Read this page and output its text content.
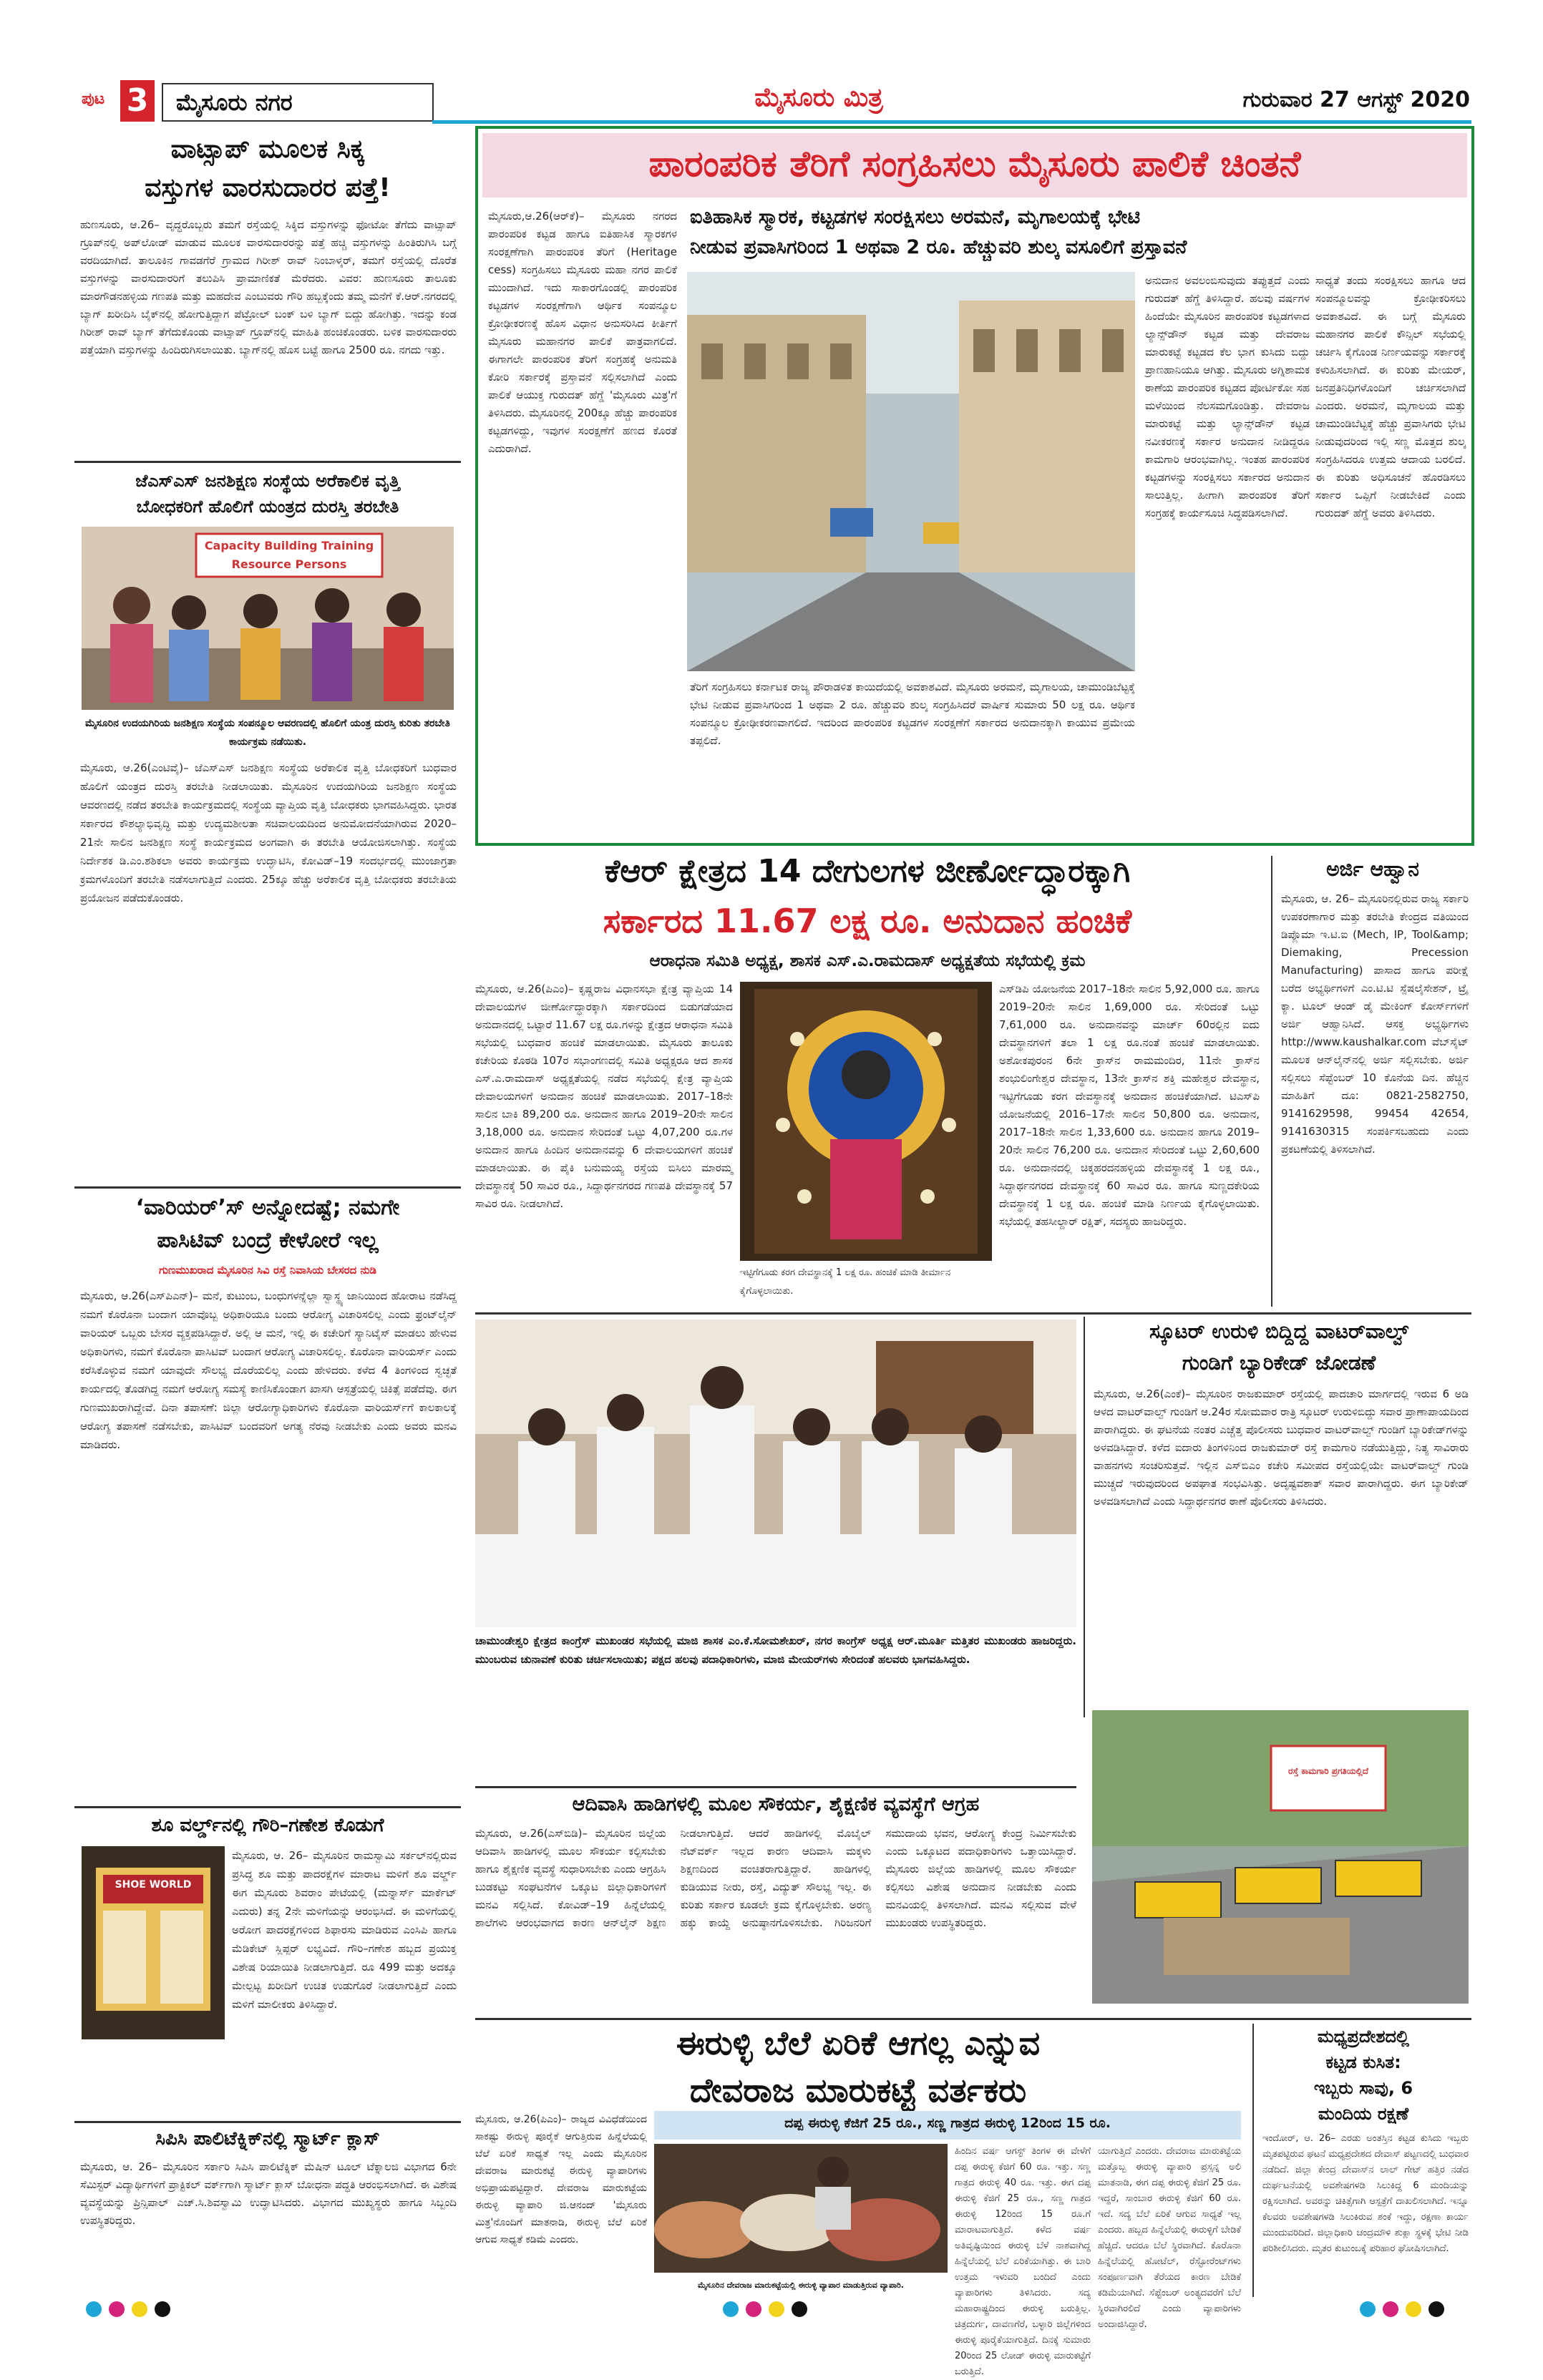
ಪುಟ 3	ಮೈಸೂರು ನಗರ	ಮೈಸೂರು ಮಿತ್ರ	ಗುರುವಾರ 27 ಆಗಸ್ಟ್ 2020
ವಾಟ್ಸಾಪ್ ಮೂಲಕ ಸಿಕ್ಕ
ವಸ್ತುಗಳ ವಾರಸುದಾರರ ಪತ್ತೆ!
ಹುಣಸೂರು, ಆ.26– ವೃದ್ಧರೊಬ್ಬರು ತಮಗೆ ರಸ್ತೆಯಲ್ಲಿ ಸಿಕ್ಕಿದ ವಸ್ತುಗಳನ್ನು ಫೋಟೋ ತೆಗೆದು ವಾಟ್ಸಾಪ್ ಗ್ರೂಪ್‌ನಲ್ಲಿ ಅಪ್‌ಲೋಡ್ ಮಾಡುವ ಮೂಲಕ ವಾರಸುದಾರರನ್ನು ಪತ್ತೆ ಹಚ್ಚಿ ವಸ್ತುಗಳನ್ನು ಹಿಂತಿರುಗಿಸಿ ಬಗ್ಗೆ ವರದಿಯಾಗಿದೆ. ತಾಲೂಕಿನ ಗಾವಡಗೆರೆ ಗ್ರಾಮದ ಗಿರೀಶ್ ರಾವ್ ನಿಂಬಾಳ್ಕರ್, ತಮಗೆ ರಸ್ತೆಯಲ್ಲಿ ದೊರೆತ ವಸ್ತುಗಳನ್ನು ವಾರಸುದಾರರಿಗೆ ತಲುಪಿಸಿ ಪ್ರಾಮಾಣಿಕತೆ ಮೆರೆದರು. ವಿವರ: ಹುಣಸೂರು ತಾಲೂಕು ಮಾರಗೌಡನಹಳ್ಳಿಯ ಗಣಪತಿ ಮತ್ತು ಮಹದೇವ ಎಂಬುವರು ಗೌರಿ ಹಬ್ಬಕ್ಕೆಂದು ತಮ್ಮ ಮನೆಗೆ ಕೆ.ಆರ್.ನಗರದಲ್ಲಿ ಬ್ಯಾಗ್ ಖರೀದಿಸಿ ಬೈಕ್‌ನಲ್ಲಿ ಹೋಗುತ್ತಿದ್ದಾಗ ಪೆಟ್ರೋಲ್ ಬಂಕ್ ಬಳಿ ಬ್ಯಾಗ್ ಬಿದ್ದು ಹೋಗಿತ್ತು. ಇದನ್ನು ಕಂಡ ಗಿರೀಶ್ ರಾವ್ ಬ್ಯಾಗ್ ತೆಗೆದುಕೊಂಡು ವಾಟ್ಸಾಪ್ ಗ್ರೂಪ್‌ನಲ್ಲಿ ಮಾಹಿತಿ ಹಂಚಿಕೊಂಡರು. ಬಳಿಕ ವಾರಸುದಾರರು ಪತ್ತೆಯಾಗಿ ವಸ್ತುಗಳನ್ನು ಹಿಂದಿರುಗಿಸಲಾಯಿತು. ಬ್ಯಾಗ್‌ನಲ್ಲಿ ಹೊಸ ಬಟ್ಟೆ ಹಾಗೂ 2500 ರೂ. ನಗದು ಇತ್ತು.
ಜೆಎಸ್ಎಸ್ ಜನಶಿಕ್ಷಣ ಸಂಸ್ಥೆಯ ಅರೆಕಾಲಿಕ ವೃತ್ತಿ
ಬೋಧಕರಿಗೆ ಹೊಲಿಗೆ ಯಂತ್ರದ ದುರಸ್ತಿ ತರಬೇತಿ
Capacity Building Training Resource Persons
ಮೈಸೂರಿನ ಉದಯಗಿರಿಯ ಜನಶಿಕ್ಷಣ ಸಂಸ್ಥೆಯ ಸಂಪನ್ಮೂಲ ಆವರಣದಲ್ಲಿ ಹೊಲಿಗೆ ಯಂತ್ರ ದುರಸ್ತಿ ಕುರಿತು ತರಬೇತಿ ಕಾರ್ಯಕ್ರಮ ನಡೆಯಿತು.
ಮೈಸೂರು, ಆ.26(ಎಂಟಿವೈ)– ಜೆಎಸ್ಎಸ್ ಜನಶಿಕ್ಷಣ ಸಂಸ್ಥೆಯ ಅರೆಕಾಲಿಕ ವೃತ್ತಿ ಬೋಧಕರಿಗೆ ಬುಧವಾರ ಹೊಲಿಗೆ ಯಂತ್ರದ ದುರಸ್ತಿ ತರಬೇತಿ ನೀಡಲಾಯಿತು. ಮೈಸೂರಿನ ಉದಯಗಿರಿಯ ಜನಶಿಕ್ಷಣ ಸಂಸ್ಥೆಯ ಆವರಣದಲ್ಲಿ ನಡೆದ ತರಬೇತಿ ಕಾರ್ಯಕ್ರಮದಲ್ಲಿ ಸಂಸ್ಥೆಯ ವ್ಯಾಪ್ತಿಯ ವೃತ್ತಿ ಬೋಧಕರು ಭಾಗವಹಿಸಿದ್ದರು. ಭಾರತ ಸರ್ಕಾರದ ಕೌಶಲ್ಯಾಭಿವೃದ್ಧಿ ಮತ್ತು ಉದ್ಯಮಶೀಲತಾ ಸಚಿವಾಲಯದಿಂದ ಅನುಮೋದನೆಯಾಗಿರುವ 2020–21ನೇ ಸಾಲಿನ ಜನಶಿಕ್ಷಣ ಸಂಸ್ಥೆ ಕಾರ್ಯಕ್ರಮದ ಅಂಗವಾಗಿ ಈ ತರಬೇತಿ ಆಯೋಜಿಸಲಾಗಿತ್ತು. ಸಂಸ್ಥೆಯ ನಿರ್ದೇಶಕ ಡಿ.ಎಂ.ಶಶಿಕಲಾ ಅವರು ಕಾರ್ಯಕ್ರಮ ಉದ್ಘಾಟಿಸಿ, ಕೋವಿಡ್–19 ಸಂದರ್ಭದಲ್ಲಿ ಮುಂಜಾಗ್ರತಾ ಕ್ರಮಗಳೊಂದಿಗೆ ತರಬೇತಿ ನಡೆಸಲಾಗುತ್ತಿದೆ ಎಂದರು. 25ಕ್ಕೂ ಹೆಚ್ಚು ಅರೆಕಾಲಿಕ ವೃತ್ತಿ ಬೋಧಕರು ತರಬೇತಿಯ ಪ್ರಯೋಜನ ಪಡೆದುಕೊಂಡರು.
‘ವಾರಿಯರ್’ಸ್ ಅನ್ನೋದಷ್ಟೆ; ನಮಗೇ
ಪಾಸಿಟಿವ್ ಬಂದ್ರೆ ಕೇಳೋರೆ ಇಲ್ಲ
ಗುಣಮುಖರಾದ ಮೈಸೂರಿನ ಸಿವಿ ರಸ್ತೆ ನಿವಾಸಿಯ ಬೇಸರದ ನುಡಿ
ಮೈಸೂರು, ಆ.26(ಎಸ್‌ಪಿಎನ್)– ಮನೆ, ಕುಟುಂಬ, ಬಂಧುಗಳನ್ನೆಲ್ಲಾ ಸ್ವಾಸ್ಥ್ಯ ಜಾನಿಯಿಂದ ಹೋರಾಟ ನಡೆಸಿದ್ದ ನಮಗೆ ಕೊರೊನಾ ಬಂದಾಗ ಯಾವೊಬ್ಬ ಅಧಿಕಾರಿಯೂ ಬಂದು ಆರೋಗ್ಯ ವಿಚಾರಿಸಲಿಲ್ಲ ಎಂದು ಫ್ರಂಟ್‌ಲೈನ್ ವಾರಿಯರ್ ಒಬ್ಬರು ಬೇಸರ ವ್ಯಕ್ತಪಡಿಸಿದ್ದಾರೆ. ಅಲ್ಲಿ ಆ ಮನೆ, ಇಲ್ಲಿ ಈ ಕಚೇರಿಗೆ ಸ್ಯಾನಿಟೈಸ್ ಮಾಡಲು ಹೇಳುವ ಅಧಿಕಾರಿಗಳು, ನಮಗೆ ಕೊರೊನಾ ಪಾಸಿಟಿವ್ ಬಂದಾಗ ಆರೋಗ್ಯ ವಿಚಾರಿಸಲಿಲ್ಲ. ಕೊರೊನಾ ವಾರಿಯರ್ಸ್ ಎಂದು ಕರೆಸಿಕೊಳ್ಳುವ ನಮಗೆ ಯಾವುದೇ ಸೌಲಭ್ಯ ದೊರೆಯಲಿಲ್ಲ ಎಂದು ಹೇಳಿದರು. ಕಳೆದ 4 ತಿಂಗಳಿಂದ ಸ್ವಚ್ಛತೆ ಕಾರ್ಯದಲ್ಲಿ ತೊಡಗಿದ್ದ ನಮಗೆ ಆರೋಗ್ಯ ಸಮಸ್ಯೆ ಕಾಣಿಸಿಕೊಂಡಾಗ ಖಾಸಗಿ ಆಸ್ಪತ್ರೆಯಲ್ಲಿ ಚಿಕಿತ್ಸೆ ಪಡೆದೆವು. ಈಗ ಗುಣಮುಖರಾಗಿದ್ದೇವೆ. ದಿನಾ ತಪಾಸಣೆ: ಜಿಲ್ಲಾ ಆರೋಗ್ಯಾಧಿಕಾರಿಗಳು ಕೊರೊನಾ ವಾರಿಯರ್ಸ್‌ಗೆ ಕಾಲಕಾಲಕ್ಕೆ ಆರೋಗ್ಯ ತಪಾಸಣೆ ನಡೆಸಬೇಕು, ಪಾಸಿಟಿವ್ ಬಂದವರಿಗೆ ಅಗತ್ಯ ನೆರವು ನೀಡಬೇಕು ಎಂದು ಅವರು ಮನವಿ ಮಾಡಿದರು.
ಶೂ ವರ್ಲ್ಡ್‌ನಲ್ಲಿ ಗೌರಿ–ಗಣೇಶ ಕೊಡುಗೆ
SHOE WORLD
ಮೈಸೂರು, ಆ. 26– ಮೈಸೂರಿನ ರಾಮಸ್ವಾಮಿ ಸರ್ಕಲ್‌ನಲ್ಲಿರುವ ಪ್ರಸಿದ್ಧ ಶೂ ಮತ್ತು ಪಾದರಕ್ಷೆಗಳ ಮಾರಾಟ ಮಳಿಗೆ ಶೂ ವರ್ಲ್ಡ್ ಈಗ ಮೈಸೂರು ಶಿವರಾಂ ಪೇಟೆಯಲ್ಲಿ (ಮನ್ನಾರ್ಸ್ ಮಾರ್ಕೆಟ್ ಎದುರು) ತನ್ನ 2ನೇ ಮಳಿಗೆಯನ್ನು ಆರಂಭಿಸಿದೆ. ಈ ಮಳಿಗೆಯಲ್ಲಿ ಅರೋಗ ಪಾದರಕ್ಷೆಗಳಿಂದ ಶಿಫಾರಸು ಮಾಡಿರುವ ಎಂಸಿಪಿ ಹಾಗೂ ಮೆಡಿಕೇಟ್ ಸ್ಲಿಪ್ಪರ್ ಲಭ್ಯವಿದೆ. ಗೌರಿ–ಗಣೇಶ ಹಬ್ಬದ ಪ್ರಯುಕ್ತ ವಿಶೇಷ ರಿಯಾಯಿತಿ ನೀಡಲಾಗುತ್ತಿದೆ. ರೂ 499 ಮತ್ತು ಅದಕ್ಕೂ ಮೇಲ್ಪಟ್ಟ ಖರೀದಿಗೆ ಉಚಿತ ಉಡುಗೊರೆ ನೀಡಲಾಗುತ್ತಿದೆ ಎಂದು ಮಳಿಗೆ ಮಾಲೀಕರು ತಿಳಿಸಿದ್ದಾರೆ.
ಸಿಪಿಸಿ ಪಾಲಿಟೆಕ್ನಿಕ್‌ನಲ್ಲಿ ಸ್ಮಾರ್ಟ್ ಕ್ಲಾಸ್
ಮೈಸೂರು, ಆ. 26– ಮೈಸೂರಿನ ಸರ್ಕಾರಿ ಸಿಪಿಸಿ ಪಾಲಿಟೆಕ್ನಿಕ್ ಮೆಷಿನ್ ಟೂಲ್ ಟೆಕ್ನಾಲಜಿ ವಿಭಾಗದ 6ನೇ ಸೆಮಿಸ್ಟರ್ ವಿದ್ಯಾರ್ಥಿಗಳಿಗೆ ಪ್ರಾಕ್ಟಿಕಲ್ ವರ್ಕ್‌ಗಾಗಿ ಸ್ಮಾರ್ಟ್ ಕ್ಲಾಸ್ ಬೋಧನಾ ಪದ್ಧತಿ ಆರಂಭಿಸಲಾಗಿದೆ. ಈ ವಿಶೇಷ ವ್ಯವಸ್ಥೆಯನ್ನು ಪ್ರಿನ್ಸಿಪಾಲ್ ಎಚ್.ಸಿ.ಶಿವಸ್ವಾಮಿ ಉದ್ಘಾಟಿಸಿದರು. ವಿಭಾಗದ ಮುಖ್ಯಸ್ಥರು ಹಾಗೂ ಸಿಬ್ಬಂದಿ ಉಪಸ್ಥಿತರಿದ್ದರು.
ಪಾರಂಪರಿಕ ತೆರಿಗೆ ಸಂಗ್ರಹಿಸಲು ಮೈಸೂರು ಪಾಲಿಕೆ ಚಿಂತನೆ
ಮೈಸೂರು,ಆ.26(ಆರ್‌ಕೆ)– ಮೈಸೂರು ನಗರದ ಪಾರಂಪರಿಕ ಕಟ್ಟಡ ಹಾಗೂ ಐತಿಹಾಸಿಕ ಸ್ಮಾರಕಗಳ ಸಂರಕ್ಷಣೆಗಾಗಿ ಪಾರಂಪರಿಕ ತೆರಿಗೆ (Heritage cess) ಸಂಗ್ರಹಿಸಲು ಮೈಸೂರು ಮಹಾ ನಗರ ಪಾಲಿಕೆ ಮುಂದಾಗಿದೆ. ಇದು ಸಾಕಾರಗೊಂಡಲ್ಲಿ ಪಾರಂಪರಿಕ ಕಟ್ಟಡಗಳ ಸಂರಕ್ಷಣೆಗಾಗಿ ಆರ್ಥಿಕ ಸಂಪನ್ಮೂಲ ಕ್ರೋಢೀಕರಣಕ್ಕೆ ಹೊಸ ವಿಧಾನ ಅನುಸರಿಸಿದ ಕೀರ್ತಿಗೆ ಮೈಸೂರು ಮಹಾನಗರ ಪಾಲಿಕೆ ಪಾತ್ರವಾಗಲಿದೆ. ಈಗಾಗಲೇ ಪಾರಂಪರಿಕ ತೆರಿಗೆ ಸಂಗ್ರಹಕ್ಕೆ ಅನುಮತಿ ಕೋರಿ ಸರ್ಕಾರಕ್ಕೆ ಪ್ರಸ್ತಾವನೆ ಸಲ್ಲಿಸಲಾಗಿದೆ ಎಂದು ಪಾಲಿಕೆ ಆಯುಕ್ತ ಗುರುದತ್ ಹೆಗ್ಡೆ 'ಮೈಸೂರು ಮಿತ್ರ'ಗೆ ತಿಳಿಸಿದರು. ಮೈಸೂರಿನಲ್ಲಿ 200ಕ್ಕೂ ಹೆಚ್ಚು ಪಾರಂಪರಿಕ ಕಟ್ಟಡಗಳಿದ್ದು, ಇವುಗಳ ಸಂರಕ್ಷಣೆಗೆ ಹಣದ ಕೊರತೆ ಎದುರಾಗಿದೆ.
ಐತಿಹಾಸಿಕ ಸ್ಮಾರಕ, ಕಟ್ಟಡಗಳ ಸಂರಕ್ಷಿಸಲು ಅರಮನೆ, ಮೃಗಾಲಯಕ್ಕೆ ಭೇಟಿ
ನೀಡುವ ಪ್ರವಾಸಿಗರಿಂದ 1 ಅಥವಾ 2 ರೂ. ಹೆಚ್ಚುವರಿ ಶುಲ್ಕ ವಸೂಲಿಗೆ ಪ್ರಸ್ತಾವನೆ
ಅನುದಾನ ಅವಲಂಬಿಸುವುದು ತಪ್ಪುತ್ತದೆ ಎಂದು ಗುರುದತ್ ಹೆಗ್ಡೆ ತಿಳಿಸಿದ್ದಾರೆ. ಹಲವು ವರ್ಷಗಳ ಹಿಂದೆಯೇ ಮೈಸೂರಿನ ಪಾರಂಪರಿಕ ಕಟ್ಟಡಗಳಾದ ಲ್ಯಾನ್ಸ್‌ಡೌನ್ ಕಟ್ಟಡ ಮತ್ತು ದೇವರಾಜ ಮಾರುಕಟ್ಟೆ ಕಟ್ಟಡದ ಕೆಲ ಭಾಗ ಕುಸಿದು ಬಿದ್ದು ಪ್ರಾಣಹಾನಿಯೂ ಆಗಿತ್ತು. ಮೈಸೂರು ಅಗ್ನಿಶಾಮಕ ಠಾಣೆಯ ಪಾರಂಪರಿಕ ಕಟ್ಟಡದ ಪೋರ್ಟಿಕೋ ಸಹ ಮಳೆಯಿಂದ ನೆಲಸಮಗೊಂಡಿತ್ತು. ದೇವರಾಜ ಮಾರುಕಟ್ಟೆ ಮತ್ತು ಲ್ಯಾನ್ಸ್‌ಡೌನ್ ಕಟ್ಟಡ ನವೀಕರಣಕ್ಕೆ ಸರ್ಕಾರ ಅನುದಾನ ನೀಡಿದ್ದರೂ ಕಾಮಗಾರಿ ಆರಂಭವಾಗಿಲ್ಲ. ಇಂತಹ ಪಾರಂಪರಿಕ ಕಟ್ಟಡಗಳನ್ನು ಸಂರಕ್ಷಿಸಲು ಸರ್ಕಾರದ ಅನುದಾನ ಸಾಲುತ್ತಿಲ್ಲ. ಹೀಗಾಗಿ ಪಾರಂಪರಿಕ ತೆರಿಗೆ ಸಂಗ್ರಹಕ್ಕೆ ಕಾರ್ಯಸೂಚಿ ಸಿದ್ಧಪಡಿಸಲಾಗಿದೆ.
ಸಾಧ್ಯತೆ ತಂದು ಸಂರಕ್ಷಿಸಲು ಹಾಗೂ ಆದ ಸಂಪನ್ಮೂಲವನ್ನು ಕ್ರೋಢೀಕರಿಸಲು ಅವಕಾಶವಿದೆ. ಈ ಬಗ್ಗೆ ಮೈಸೂರು ಮಹಾನಗರ ಪಾಲಿಕೆ ಕೌನ್ಸಿಲ್ ಸಭೆಯಲ್ಲಿ ಚರ್ಚಿಸಿ ಕೈಗೊಂಡ ನಿರ್ಣಯವನ್ನು ಸರ್ಕಾರಕ್ಕೆ ಕಳುಹಿಸಲಾಗಿದೆ. ಈ ಕುರಿತು ಮೇಯರ್, ಜನಪ್ರತಿನಿಧಿಗಳೊಂದಿಗೆ ಚರ್ಚಿಸಲಾಗಿದೆ ಎಂದರು. ಅರಮನೆ, ಮೃಗಾಲಯ ಮತ್ತು ಚಾಮುಂಡಿಬೆಟ್ಟಕ್ಕೆ ಹೆಚ್ಚು ಪ್ರವಾಸಿಗರು ಭೇಟಿ ನೀಡುವುದರಿಂದ ಇಲ್ಲಿ ಸಣ್ಣ ಮೊತ್ತದ ಶುಲ್ಕ ಸಂಗ್ರಹಿಸಿದರೂ ಉತ್ತಮ ಆದಾಯ ಬರಲಿದೆ. ಈ ಕುರಿತು ಅಧಿಸೂಚನೆ ಹೊರಡಿಸಲು ಸರ್ಕಾರ ಒಪ್ಪಿಗೆ ನೀಡಬೇಕಿದೆ ಎಂದು ಗುರುದತ್ ಹೆಗ್ಡೆ ಅವರು ತಿಳಿಸಿದರು.
ತೆರಿಗೆ ಸಂಗ್ರಹಿಸಲು ಕರ್ನಾಟಕ ರಾಜ್ಯ ಪೌರಾಡಳಿತ ಕಾಯಿದೆಯಲ್ಲಿ ಅವಕಾಶವಿದೆ. ಮೈಸೂರು ಅರಮನೆ, ಮೃಗಾಲಯ, ಚಾಮುಂಡಿಬೆಟ್ಟಕ್ಕೆ ಭೇಟಿ ನೀಡುವ ಪ್ರವಾಸಿಗರಿಂದ 1 ಅಥವಾ 2 ರೂ. ಹೆಚ್ಚುವರಿ ಶುಲ್ಕ ಸಂಗ್ರಹಿಸಿದರೆ ವಾರ್ಷಿಕ ಸುಮಾರು 50 ಲಕ್ಷ ರೂ. ಆರ್ಥಿಕ ಸಂಪನ್ಮೂಲ ಕ್ರೋಢೀಕರಣವಾಗಲಿದೆ. ಇದರಿಂದ ಪಾರಂಪರಿಕ ಕಟ್ಟಡಗಳ ಸಂರಕ್ಷಣೆಗೆ ಸರ್ಕಾರದ ಅನುದಾನಕ್ಕಾಗಿ ಕಾಯುವ ಪ್ರಮೇಯ ತಪ್ಪಲಿದೆ.
ಕೆಆರ್ ಕ್ಷೇತ್ರದ 14 ದೇಗುಲಗಳ ಜೀರ್ಣೋದ್ಧಾರಕ್ಕಾಗಿ
ಸರ್ಕಾರದ 11.67 ಲಕ್ಷ ರೂ. ಅನುದಾನ ಹಂಚಿಕೆ
ಆರಾಧನಾ ಸಮಿತಿ ಅಧ್ಯಕ್ಷ, ಶಾಸಕ ಎಸ್.ಎ.ರಾಮದಾಸ್ ಅಧ್ಯಕ್ಷತೆಯ ಸಭೆಯಲ್ಲಿ ಕ್ರಮ
ಮೈಸೂರು, ಆ.26(ಪಿಎಂ)– ಕೃಷ್ಣರಾಜ ವಿಧಾನಸಭಾ ಕ್ಷೇತ್ರ ವ್ಯಾಪ್ತಿಯ 14 ದೇವಾಲಯಗಳ ಜೀರ್ಣೋದ್ಧಾರಕ್ಕಾಗಿ ಸರ್ಕಾರದಿಂದ ಬಿಡುಗಡೆಯಾದ ಅನುದಾನದಲ್ಲಿ ಒಟ್ಟಾರೆ 11.67 ಲಕ್ಷ ರೂ.ಗಳನ್ನು ಕ್ಷೇತ್ರದ ಆರಾಧನಾ ಸಮಿತಿ ಸಭೆಯಲ್ಲಿ ಬುಧವಾರ ಹಂಚಿಕೆ ಮಾಡಲಾಯಿತು. ಮೈಸೂರು ತಾಲೂಕು ಕಚೇರಿಯ ಕೊಠಡಿ 107ರ ಸಭಾಂಗಣದಲ್ಲಿ ಸಮಿತಿ ಅಧ್ಯಕ್ಷರೂ ಆದ ಶಾಸಕ ಎಸ್.ಎ.ರಾಮದಾಸ್ ಅಧ್ಯಕ್ಷತೆಯಲ್ಲಿ ನಡೆದ ಸಭೆಯಲ್ಲಿ ಕ್ಷೇತ್ರ ವ್ಯಾಪ್ತಿಯ ದೇವಾಲಯಗಳಿಗೆ ಅನುದಾನ ಹಂಚಿಕೆ ಮಾಡಲಾಯಿತು. 2017–18ನೇ ಸಾಲಿನ ಬಾಕಿ 89,200 ರೂ. ಅನುದಾನ ಹಾಗೂ 2019–20ನೇ ಸಾಲಿನ 3,18,000 ರೂ. ಅನುದಾನ ಸೇರಿದಂತೆ ಒಟ್ಟು 4,07,200 ರೂ.ಗಳ ಅನುದಾನ ಹಾಗೂ ಹಿಂದಿನ ಅನುದಾನವನ್ನು 6 ದೇವಾಲಯಗಳಿಗೆ ಹಂಚಿಕೆ ಮಾಡಲಾಯಿತು. ಈ ಪೈಕಿ ಬನುಮಯ್ಯ ರಸ್ತೆಯ ಬಿಸಿಲು ಮಾರಮ್ಮ ದೇವಸ್ಥಾನಕ್ಕೆ 50 ಸಾವಿರ ರೂ., ಸಿದ್ದಾರ್ಥನಗರದ ಗಣಪತಿ ದೇವಸ್ಥಾನಕ್ಕೆ 57 ಸಾವಿರ ರೂ. ನೀಡಲಾಗಿದೆ.
ಇಟ್ಟಿಗೆಗೂಡು ಕರಗ ದೇವಸ್ಥಾನಕ್ಕೆ 1 ಲಕ್ಷ ರೂ. ಹಂಚಿಕೆ ಮಾಡಿ ತೀರ್ಮಾನ ಕೈಗೊಳ್ಳಲಾಯಿತು.
ಎಸ್‌ಡಿಪಿ ಯೋಜನೆಯ 2017–18ನೇ ಸಾಲಿನ 5,92,000 ರೂ. ಹಾಗೂ 2019–20ನೇ ಸಾಲಿನ 1,69,000 ರೂ. ಸೇರಿದಂತೆ ಒಟ್ಟು 7,61,000 ರೂ. ಅನುದಾನವನ್ನು ಮಾರ್ಚ್ 60ರಲ್ಲಿನ ಐದು ದೇವಸ್ಥಾನಗಳಿಗೆ ತಲಾ 1 ಲಕ್ಷ ರೂ.ನಂತೆ ಹಂಚಿಕೆ ಮಾಡಲಾಯಿತು. ಅಶೋಕಪುರಂನ 6ನೇ ಕ್ರಾಸ್‌ನ ರಾಮಮಂದಿರ, 11ನೇ ಕ್ರಾಸ್‌ನ ಶಂಭುಲಿಂಗೇಶ್ವರ ದೇವಸ್ಥಾನ, 13ನೇ ಕ್ರಾಸ್‌ನ ಶಕ್ತಿ ಮಹೇಶ್ವರ ದೇವಸ್ಥಾನ, ಇಟ್ಟಿಗೆಗೂಡು ಕರಗ ದೇವಸ್ಥಾನಕ್ಕೆ ಅನುದಾನ ಹಂಚಿಕೆಯಾಗಿದೆ. ಟಿಎಸ್‌ಪಿ ಯೋಜನೆಯಲ್ಲಿ 2016–17ನೇ ಸಾಲಿನ 50,800 ರೂ. ಅನುದಾನ, 2017–18ನೇ ಸಾಲಿನ 1,33,600 ರೂ. ಅನುದಾನ ಹಾಗೂ 2019–20ನೇ ಸಾಲಿನ 76,200 ರೂ. ಅನುದಾನ ಸೇರಿದಂತೆ ಒಟ್ಟು 2,60,600 ರೂ. ಅನುದಾನದಲ್ಲಿ ಚಿಕ್ಕಹರದನಹಳ್ಳಿಯ ದೇವಸ್ಥಾನಕ್ಕೆ 1 ಲಕ್ಷ ರೂ., ಸಿದ್ದಾರ್ಥನಗರದ ದೇವಸ್ಥಾನಕ್ಕೆ 60 ಸಾವಿರ ರೂ. ಹಾಗೂ ಸುಣ್ಣದಕೇರಿಯ ದೇವಸ್ಥಾನಕ್ಕೆ 1 ಲಕ್ಷ ರೂ. ಹಂಚಿಕೆ ಮಾಡಿ ನಿರ್ಣಯ ಕೈಗೊಳ್ಳಲಾಯಿತು. ಸಭೆಯಲ್ಲಿ ತಹಸೀಲ್ದಾರ್ ರಕ್ಷಿತ್, ಸದಸ್ಯರು ಹಾಜರಿದ್ದರು.
ಅರ್ಜಿ ಆಹ್ವಾನ
ಮೈಸೂರು, ಆ. 26– ಮೈಸೂರಿನಲ್ಲಿರುವ ರಾಜ್ಯ ಸರ್ಕಾರಿ ಉಪಕರಣಾಗಾರ ಮತ್ತು ತರಬೇತಿ ಕೇಂದ್ರದ ವತಿಯಿಂದ ಡಿಪ್ಲೊಮಾ ಇ.ಟಿ.ಐ (Mech, IP, Tool&amp; Diemaking, Precession Manufacturing) ಪಾಸಾದ ಹಾಗೂ ಪರೀಕ್ಷೆ ಬರೆದ ಅಭ್ಯರ್ಥಿಗಳಿಗೆ ಎಂ.ಟಿ.ಟಿ ಸ್ಪೆಷಲೈಸೇಶನ್, ಟ್ರೈ ಕ್ಯಾ. ಟೂಲ್ ಆಂಡ್ ಡೈ ಮೇಕಿಂಗ್ ಕೋರ್ಸ್‌ಗಳಿಗೆ ಅರ್ಜಿ ಆಹ್ವಾನಿಸಿದೆ. ಆಸಕ್ತ ಅಭ್ಯರ್ಥಿಗಳು http://www.kaushalkar.com ವೆಬ್‌ಸೈಟ್ ಮೂಲಕ ಆನ್‌ಲೈನ್‌ನಲ್ಲಿ ಅರ್ಜಿ ಸಲ್ಲಿಸಬೇಕು. ಅರ್ಜಿ ಸಲ್ಲಿಸಲು ಸೆಪ್ಟೆಂಬರ್ 10 ಕೊನೆಯ ದಿನ. ಹೆಚ್ಚಿನ ಮಾಹಿತಿಗೆ ದೂ: 0821-2582750, 9141629598, 99454 42654, 9141630315 ಸಂಪರ್ಕಿಸಬಹುದು ಎಂದು ಪ್ರಕಟಣೆಯಲ್ಲಿ ತಿಳಿಸಲಾಗಿದೆ.
ಚಾಮುಂಡೇಶ್ವರಿ ಕ್ಷೇತ್ರದ ಕಾಂಗ್ರೆಸ್ ಮುಖಂಡರ ಸಭೆಯಲ್ಲಿ ಮಾಜಿ ಶಾಸಕ ಎಂ.ಕೆ.ಸೋಮಶೇಖರ್, ನಗರ ಕಾಂಗ್ರೆಸ್ ಅಧ್ಯಕ್ಷ ಆರ್.ಮೂರ್ತಿ ಮತ್ತಿತರ ಮುಖಂಡರು ಹಾಜರಿದ್ದರು. ಮುಂಬರುವ ಚುನಾವಣೆ ಕುರಿತು ಚರ್ಚಿಸಲಾಯಿತು; ಪಕ್ಷದ ಹಲವು ಪದಾಧಿಕಾರಿಗಳು, ಮಾಜಿ ಮೇಯರ್‌ಗಳು ಸೇರಿದಂತೆ ಹಲವರು ಭಾಗವಹಿಸಿದ್ದರು.
ಸ್ಕೂಟರ್ ಉರುಳಿ ಬಿದ್ದಿದ್ದ ವಾಟರ್‌ವಾಲ್ವ್
ಗುಂಡಿಗೆ ಬ್ಯಾರಿಕೇಡ್ ಜೋಡಣೆ
ಮೈಸೂರು, ಆ.26(ಎಂಕೆ)– ಮೈಸೂರಿನ ರಾಜಕುಮಾರ್ ರಸ್ತೆಯಲ್ಲಿ ಪಾದಚಾರಿ ಮಾರ್ಗದಲ್ಲಿ ಇರುವ 6 ಅಡಿ ಆಳದ ವಾಟರ್‌ವಾಲ್ವ್ ಗುಂಡಿಗೆ ಆ.24ರ ಸೋಮವಾರ ರಾತ್ರಿ ಸ್ಕೂಟರ್ ಉರುಳಿಬಿದ್ದು ಸವಾರ ಪ್ರಾಣಾಪಾಯದಿಂದ ಪಾರಾಗಿದ್ದರು. ಈ ಘಟನೆಯ ನಂತರ ಎಚ್ಚೆತ್ತ ಪೊಲೀಸರು ಬುಧವಾರ ವಾಟರ್‌ವಾಲ್ವ್ ಗುಂಡಿಗೆ ಬ್ಯಾರಿಕೇಡ್‌ಗಳನ್ನು ಅಳವಡಿಸಿದ್ದಾರೆ. ಕಳೆದ ಐದಾರು ತಿಂಗಳಿನಿಂದ ರಾಜಕುಮಾರ್ ರಸ್ತೆ ಕಾಮಗಾರಿ ನಡೆಯುತ್ತಿದ್ದು, ನಿತ್ಯ ಸಾವಿರಾರು ವಾಹನಗಳು ಸಂಚರಿಸುತ್ತವೆ. ಇಲ್ಲಿನ ಎಸ್‌ಬಿಎಂ ಕಚೇರಿ ಸಮೀಪದ ರಸ್ತೆಯಲ್ಲಿಯೇ ವಾಟರ್‌ವಾಲ್ವ್ ಗುಂಡಿ ಮುಚ್ಚದೆ ಇರುವುದರಿಂದ ಅಪಘಾತ ಸಂಭವಿಸಿತ್ತು. ಅದೃಷ್ಟವಶಾತ್ ಸವಾರ ಪಾರಾಗಿದ್ದರು. ಈಗ ಬ್ಯಾರಿಕೇಡ್ ಅಳವಡಿಸಲಾಗಿದೆ ಎಂದು ಸಿದ್ದಾರ್ಥನಗರ ಠಾಣೆ ಪೊಲೀಸರು ತಿಳಿಸಿದರು.
ರಸ್ತೆ ಕಾಮಗಾರಿ ಪ್ರಗತಿಯಲ್ಲಿದೆ
ಆದಿವಾಸಿ ಹಾಡಿಗಳಲ್ಲಿ ಮೂಲ ಸೌಕರ್ಯ, ಶೈಕ್ಷಣಿಕ ವ್ಯವಸ್ಥೆಗೆ ಆಗ್ರಹ
ಮೈಸೂರು, ಆ.26(ಎಸ್‌ಬಿಡಿ)– ಮೈಸೂರಿನ ಜಿಲ್ಲೆಯ ಆದಿವಾಸಿ ಹಾಡಿಗಳಲ್ಲಿ ಮೂಲ ಸೌಕರ್ಯ ಕಲ್ಪಿಸಬೇಕು ಹಾಗೂ ಶೈಕ್ಷಣಿಕ ವ್ಯವಸ್ಥೆ ಸುಧಾರಿಸಬೇಕು ಎಂದು ಆಗ್ರಹಿಸಿ ಬುಡಕಟ್ಟು ಸಂಘಟನೆಗಳ ಒಕ್ಕೂಟ ಜಿಲ್ಲಾಧಿಕಾರಿಗಳಿಗೆ ಮನವಿ ಸಲ್ಲಿಸಿದೆ. ಕೋವಿಡ್–19 ಹಿನ್ನೆಲೆಯಲ್ಲಿ ಶಾಲೆಗಳು ಆರಂಭವಾಗದ ಕಾರಣ ಆನ್‌ಲೈನ್ ಶಿಕ್ಷಣ ನೀಡಲಾಗುತ್ತಿದೆ. ಆದರೆ ಹಾಡಿಗಳಲ್ಲಿ ಮೊಬೈಲ್ ನೆಟ್‌ವರ್ಕ್ ಇಲ್ಲದ ಕಾರಣ ಆದಿವಾಸಿ ಮಕ್ಕಳು ಶಿಕ್ಷಣದಿಂದ ವಂಚಿತರಾಗುತ್ತಿದ್ದಾರೆ. ಹಾಡಿಗಳಲ್ಲಿ ಕುಡಿಯುವ ನೀರು, ರಸ್ತೆ, ವಿದ್ಯುತ್ ಸೌಲಭ್ಯ ಇಲ್ಲ. ಈ ಕುರಿತು ಸರ್ಕಾರ ಕೂಡಲೇ ಕ್ರಮ ಕೈಗೊಳ್ಳಬೇಕು. ಅರಣ್ಯ ಹಕ್ಕು ಕಾಯ್ದೆ ಅನುಷ್ಠಾನಗೊಳಿಸಬೇಕು. ಗಿರಿಜನರಿಗೆ ಸಮುದಾಯ ಭವನ, ಆರೋಗ್ಯ ಕೇಂದ್ರ ನಿರ್ಮಿಸಬೇಕು ಎಂದು ಒಕ್ಕೂಟದ ಪದಾಧಿಕಾರಿಗಳು ಒತ್ತಾಯಿಸಿದ್ದಾರೆ. ಮೈಸೂರು ಜಿಲ್ಲೆಯ ಹಾಡಿಗಳಲ್ಲಿ ಮೂಲ ಸೌಕರ್ಯ ಕಲ್ಪಿಸಲು ವಿಶೇಷ ಅನುದಾನ ನೀಡಬೇಕು ಎಂದು ಮನವಿಯಲ್ಲಿ ತಿಳಿಸಲಾಗಿದೆ. ಮನವಿ ಸಲ್ಲಿಸುವ ವೇಳೆ ಮುಖಂಡರು ಉಪಸ್ಥಿತರಿದ್ದರು.
ಈರುಳ್ಳಿ ಬೆಲೆ ಏರಿಕೆ ಆಗಲ್ಲ ಎನ್ನುವ
ದೇವರಾಜ ಮಾರುಕಟ್ಟೆ ವರ್ತಕರು
ಮೈಸೂರು, ಆ.26(ಪಿಎಂ)– ರಾಜ್ಯದ ವಿವಿಧೆಡೆಯಿಂದ ಸಾಕಷ್ಟು ಈರುಳ್ಳಿ ಪೂರೈಕೆ ಆಗುತ್ತಿರುವ ಹಿನ್ನೆಲೆಯಲ್ಲಿ ಬೆಲೆ ಏರಿಕೆ ಸಾಧ್ಯತೆ ಇಲ್ಲ ಎಂದು ಮೈಸೂರಿನ ದೇವರಾಜ ಮಾರುಕಟ್ಟೆ ಈರುಳ್ಳಿ ವ್ಯಾಪಾರಿಗಳು ಅಭಿಪ್ರಾಯಪಟ್ಟಿದ್ದಾರೆ. ದೇವರಾಜ ಮಾರುಕಟ್ಟೆಯ ಈರುಳ್ಳಿ ವ್ಯಾಪಾರಿ ಜಿ.ಆನಂದ್ 'ಮೈಸೂರು ಮಿತ್ರ'ನೊಂದಿಗೆ ಮಾತನಾಡಿ, ಈರುಳ್ಳಿ ಬೆಲೆ ಏರಿಕೆ ಆಗುವ ಸಾಧ್ಯತೆ ಕಡಿಮೆ ಎಂದರು.
ದಪ್ಪ ಈರುಳ್ಳಿ ಕೆಜಿಗೆ 25 ರೂ., ಸಣ್ಣ ಗಾತ್ರದ ಈರುಳ್ಳಿ 12ರಿಂದ 15 ರೂ.
ಮೈಸೂರಿನ ದೇವರಾಜ ಮಾರುಕಟ್ಟೆಯಲ್ಲಿ ಈರುಳ್ಳಿ ವ್ಯಾಪಾರ ಮಾಡುತ್ತಿರುವ ವ್ಯಾಪಾರಿ.
ಹಿಂದಿನ ವರ್ಷ ಆಗಸ್ಟ್ ತಿಂಗಳ ಈ ವೇಳೆಗೆ ದಪ್ಪ ಈರುಳ್ಳಿ ಕೆಜಿಗೆ 60 ರೂ. ಇತ್ತು. ಸಣ್ಣ ಗಾತ್ರದ ಈರುಳ್ಳಿ 40 ರೂ. ಇತ್ತು. ಈಗ ದಪ್ಪ ಈರುಳ್ಳಿ ಕೆಜಿಗೆ 25 ರೂ., ಸಣ್ಣ ಗಾತ್ರದ ಈರುಳ್ಳಿ 12ರಿಂದ 15 ರೂ.ಗೆ ಮಾರಾಟವಾಗುತ್ತಿದೆ. ಕಳೆದ ವರ್ಷ ಅತಿವೃಷ್ಟಿಯಿಂದ ಈರುಳ್ಳಿ ಬೆಳೆ ನಾಶವಾಗಿದ್ದ ಹಿನ್ನೆಲೆಯಲ್ಲಿ ಬೆಲೆ ಏರಿಕೆಯಾಗಿತ್ತು. ಈ ಬಾರಿ ಉತ್ತಮ ಇಳುವರಿ ಬಂದಿದೆ ಎಂದು ವ್ಯಾಪಾರಿಗಳು ತಿಳಿಸಿದರು. ಸದ್ಯ ಮಹಾರಾಷ್ಟ್ರದಿಂದ ಈರುಳ್ಳಿ ಬರುತ್ತಿಲ್ಲ. ಚಿತ್ರದುರ್ಗ, ದಾವಣಗೆರೆ, ಬಳ್ಳಾರಿ ಜಿಲ್ಲೆಗಳಿಂದ ಈರುಳ್ಳಿ ಪೂರೈಕೆಯಾಗುತ್ತಿದೆ. ದಿನಕ್ಕೆ ಸುಮಾರು 20ರಿಂದ 25 ಲೋಡ್ ಈರುಳ್ಳಿ ಮಾರುಕಟ್ಟೆಗೆ ಬರುತ್ತಿದೆ.
ಯಾಗುತ್ತಿದೆ ಎಂದರು. ದೇವರಾಜ ಮಾರುಕಟ್ಟೆಯ ಮತ್ತೊಬ್ಬ ಈರುಳ್ಳಿ ವ್ಯಾಪಾರಿ ಪ್ರಸ್ಸನ್ನ ಅಲಿ ಮಾತನಾಡಿ, ಈಗ ದಪ್ಪ ಈರುಳ್ಳಿ ಕೆಜಿಗೆ 25 ರೂ. ಇದ್ದರೆ, ಸಾಂಬಾರ ಈರುಳ್ಳಿ ಕೆಜಿಗೆ 60 ರೂ. ಇದೆ. ಸದ್ಯ ಬೆಲೆ ಏರಿಕೆ ಆಗುವ ಸಾಧ್ಯತೆ ಇಲ್ಲ ಎಂದರು. ಹಬ್ಬದ ಹಿನ್ನೆಲೆಯಲ್ಲಿ ಈರುಳ್ಳಿಗೆ ಬೇಡಿಕೆ ಹೆಚ್ಚಿದೆ. ಆದರೂ ಬೆಲೆ ಸ್ಥಿರವಾಗಿದೆ. ಕೊರೊನಾ ಹಿನ್ನೆಲೆಯಲ್ಲಿ ಹೋಟೆಲ್, ರೆಸ್ಟೋರೆಂಟ್‌ಗಳು ಸಂಪೂರ್ಣವಾಗಿ ತೆರೆಯದ ಕಾರಣ ಬೇಡಿಕೆ ಕಡಿಮೆಯಾಗಿದೆ. ಸೆಪ್ಟೆಂಬರ್ ಅಂತ್ಯದವರೆಗೆ ಬೆಲೆ ಸ್ಥಿರವಾಗಿರಲಿದೆ ಎಂದು ವ್ಯಾಪಾರಿಗಳು ಅಂದಾಜಿಸಿದ್ದಾರೆ.
ಮಧ್ಯಪ್ರದೇಶದಲ್ಲಿ
ಕಟ್ಟಡ ಕುಸಿತ:
ಇಬ್ಬರು ಸಾವು, 6
ಮಂದಿಯ ರಕ್ಷಣೆ
ಇಂದೋರ್, ಆ. 26– ಎರಡು ಅಂತಸ್ತಿನ ಕಟ್ಟಡ ಕುಸಿದು ಇಬ್ಬರು ಮೃತಪಟ್ಟಿರುವ ಘಟನೆ ಮಧ್ಯಪ್ರದೇಶದ ದೇವಾಸ್ ಪಟ್ಟಣದಲ್ಲಿ ಬುಧವಾರ ನಡೆದಿದೆ. ಜಿಲ್ಲಾ ಕೇಂದ್ರ ದೇವಾಸ್‌ನ ಲಾಲ್ ಗೇಟ್ ಹತ್ತಿರ ನಡೆದ ದುರ್ಘಟನೆಯಲ್ಲಿ ಅವಶೇಷಗಳಡಿ ಸಿಲುಕಿದ್ದ 6 ಮಂದಿಯನ್ನು ರಕ್ಷಿಸಲಾಗಿದೆ. ಅವರನ್ನು ಚಿಕಿತ್ಸೆಗಾಗಿ ಆಸ್ಪತ್ರೆಗೆ ದಾಖಲಿಸಲಾಗಿದೆ. ಇನ್ನೂ ಕೆಲವರು ಅವಶೇಷಗಳಡಿ ಸಿಲುಕಿರುವ ಶಂಕೆ ಇದ್ದು, ರಕ್ಷಣಾ ಕಾರ್ಯ ಮುಂದುವರಿದಿದೆ. ಜಿಲ್ಲಾಧಿಕಾರಿ ಚಂದ್ರಮೌಳಿ ಶುಕ್ಲಾ ಸ್ಥಳಕ್ಕೆ ಭೇಟಿ ನೀಡಿ ಪರಿಶೀಲಿಸಿದರು. ಮೃತರ ಕುಟುಂಬಕ್ಕೆ ಪರಿಹಾರ ಘೋಷಿಸಲಾಗಿದೆ.
